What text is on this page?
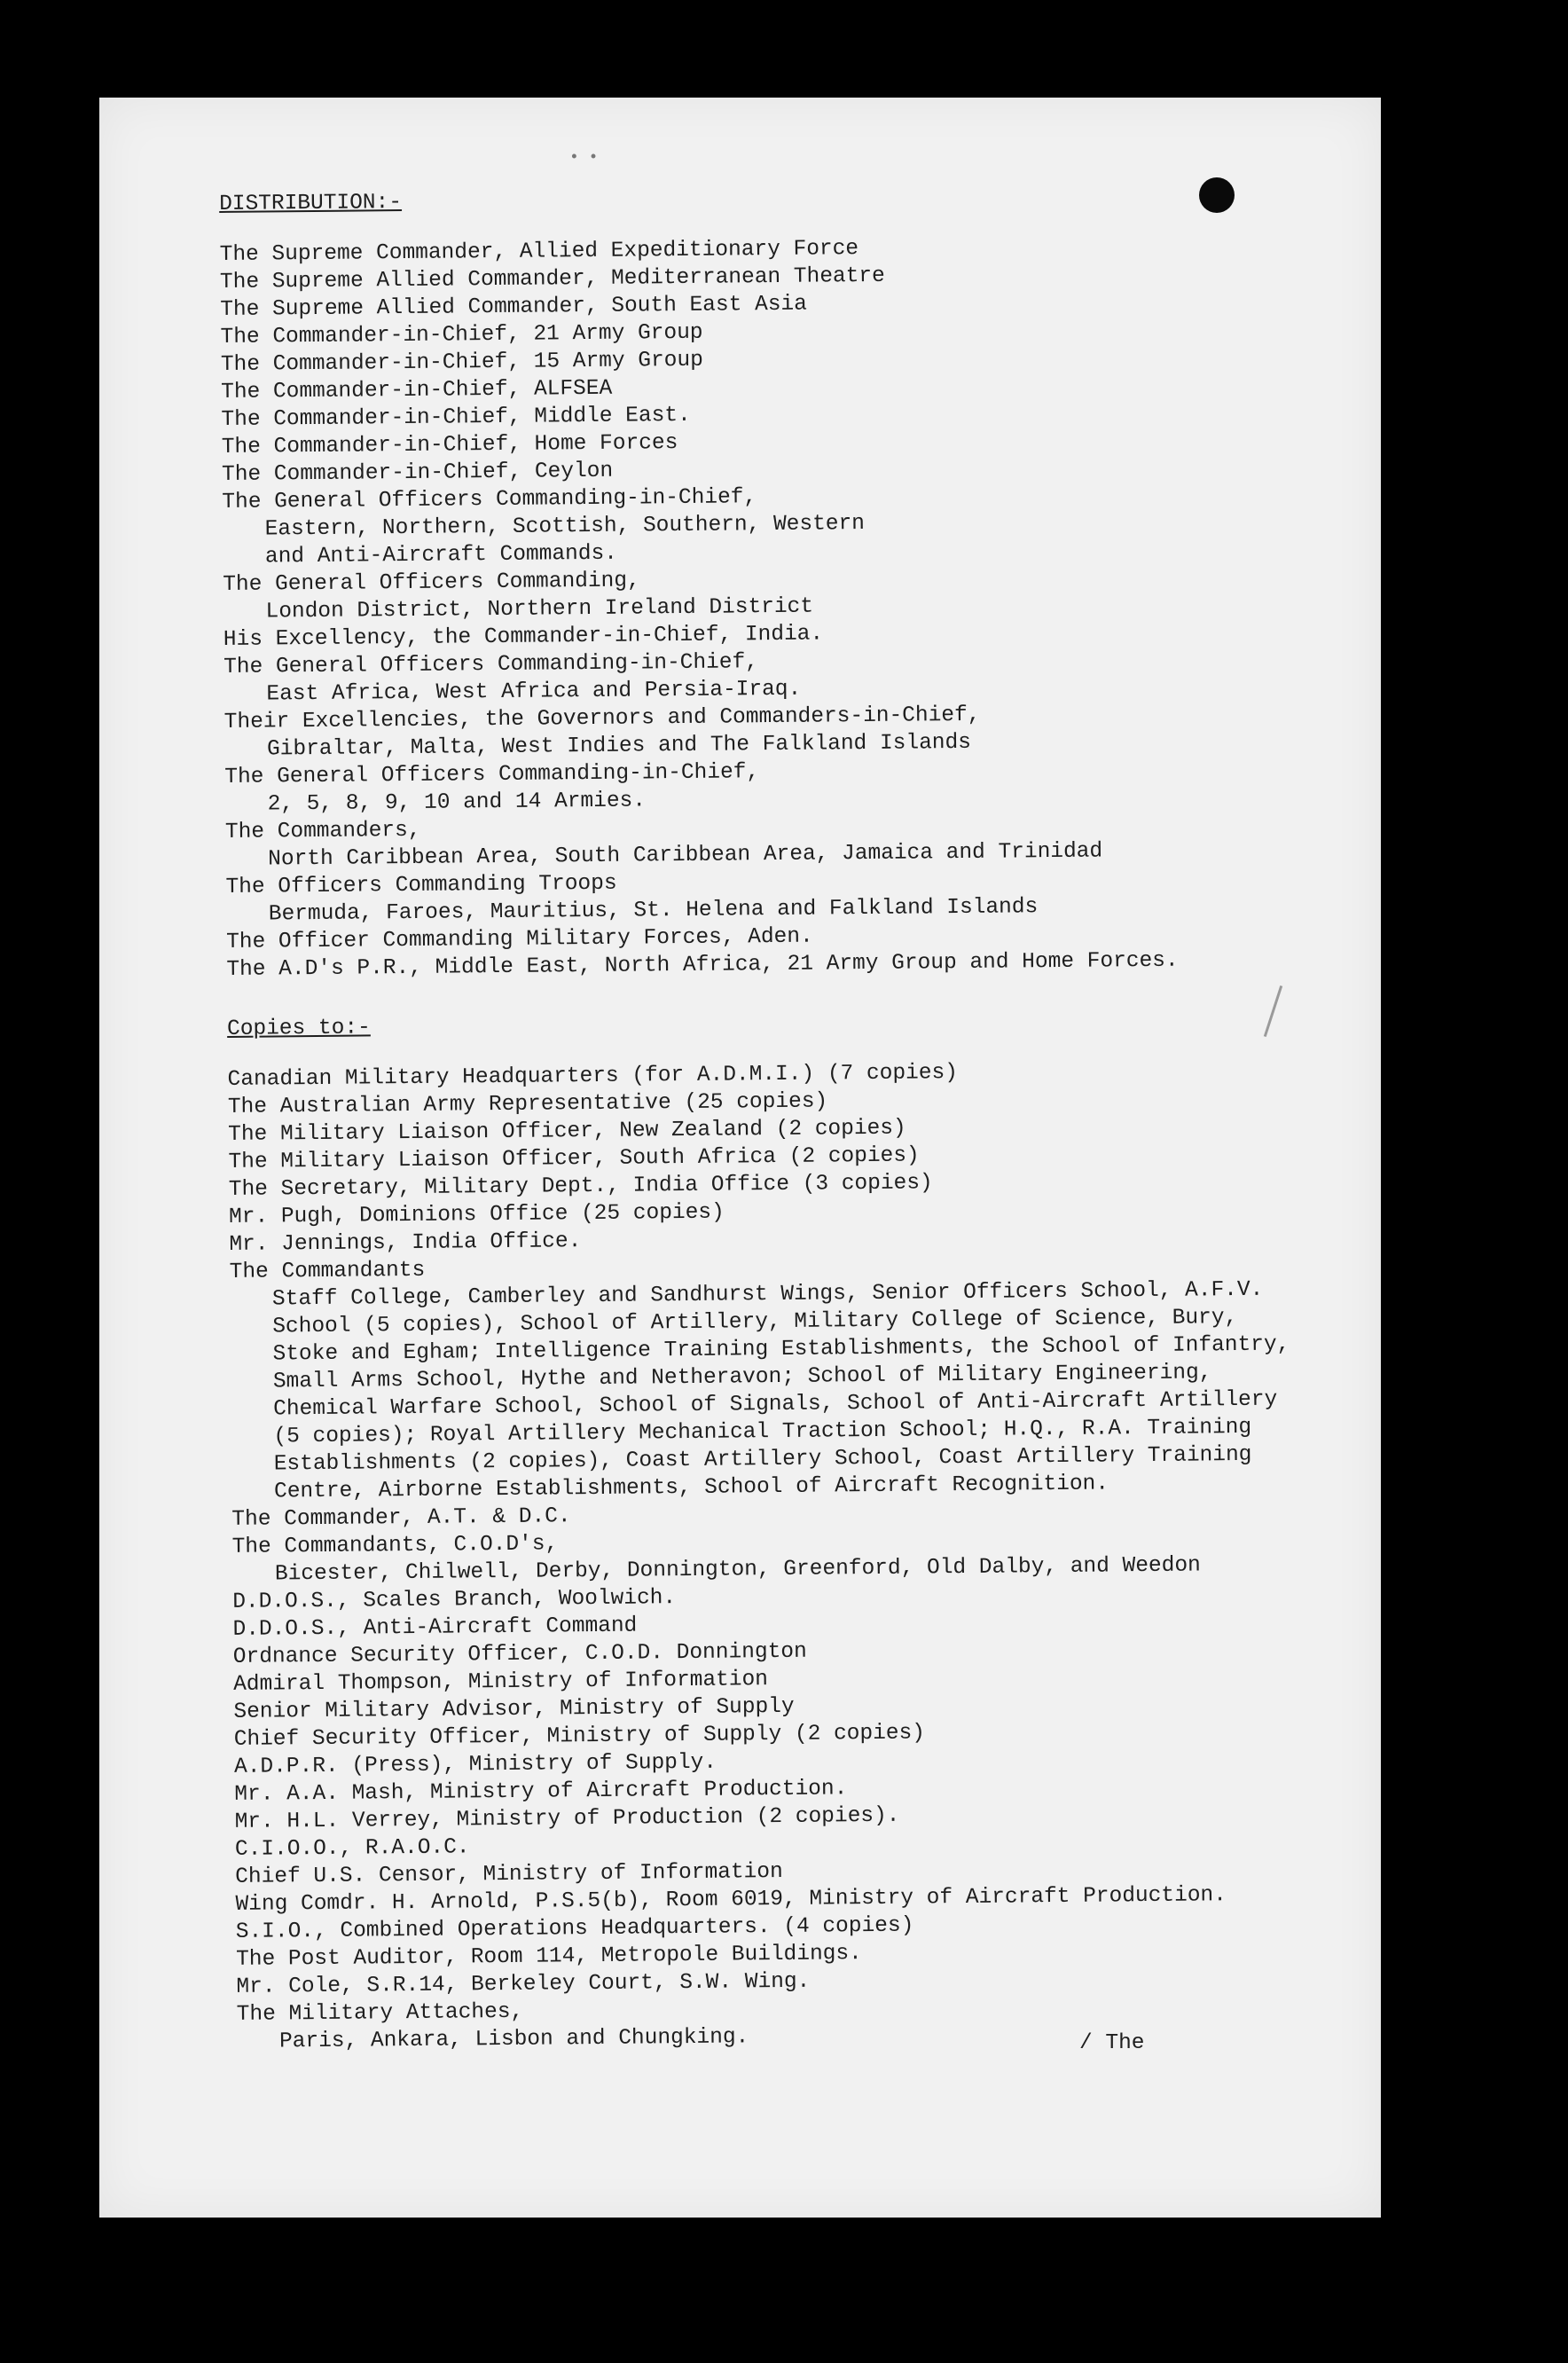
• •
DISTRIBUTION:-
The Supreme Commander, Allied Expeditionary Force
The Supreme Allied Commander, Mediterranean Theatre
The Supreme Allied Commander, South East Asia
The Commander-in-Chief, 21 Army Group
The Commander-in-Chief, 15 Army Group
The Commander-in-Chief, ALFSEA
The Commander-in-Chief, Middle East.
The Commander-in-Chief, Home Forces
The Commander-in-Chief, Ceylon
The General Officers Commanding-in-Chief,
Eastern, Northern, Scottish, Southern, Western
and Anti-Aircraft Commands.
The General Officers Commanding,
London District, Northern Ireland District
His Excellency, the Commander-in-Chief, India.
The General Officers Commanding-in-Chief,
East Africa, West Africa and Persia-Iraq.
Their Excellencies, the Governors and Commanders-in-Chief,
Gibraltar, Malta, West Indies and The Falkland Islands
The General Officers Commanding-in-Chief,
2, 5, 8, 9, 10 and 14 Armies.
The Commanders,
North Caribbean Area, South Caribbean Area, Jamaica and Trinidad
The Officers Commanding Troops
Bermuda, Faroes, Mauritius, St. Helena and Falkland Islands
The Officer Commanding Military Forces, Aden.
The A.D's P.R., Middle East, North Africa, 21 Army Group and Home Forces.
Copies to:-
Canadian Military Headquarters (for A.D.M.I.) (7 copies)
The Australian Army Representative (25 copies)
The Military Liaison Officer, New Zealand (2 copies)
The Military Liaison Officer, South Africa (2 copies)
The Secretary, Military Dept., India Office (3 copies)
Mr. Pugh, Dominions Office (25 copies)
Mr. Jennings, India Office.
The Commandants
Staff College, Camberley and Sandhurst Wings, Senior Officers School, A.F.V.
School (5 copies), School of Artillery, Military College of Science, Bury,
Stoke and Egham; Intelligence Training Establishments, the School of Infantry,
Small Arms School, Hythe and Netheravon; School of Military Engineering,
Chemical Warfare School, School of Signals, School of Anti-Aircraft Artillery
(5 copies); Royal Artillery Mechanical Traction School; H.Q., R.A. Training
Establishments (2 copies), Coast Artillery School, Coast Artillery Training
Centre, Airborne Establishments, School of Aircraft Recognition.
The Commander, A.T. & D.C.
The Commandants, C.O.D's,
Bicester, Chilwell, Derby, Donnington, Greenford, Old Dalby, and Weedon
D.D.O.S., Scales Branch, Woolwich.
D.D.O.S., Anti-Aircraft Command
Ordnance Security Officer, C.O.D. Donnington
Admiral Thompson, Ministry of Information
Senior Military Advisor, Ministry of Supply
Chief Security Officer, Ministry of Supply (2 copies)
A.D.P.R. (Press), Ministry of Supply.
Mr. A.A. Mash, Ministry of Aircraft Production.
Mr. H.L. Verrey, Ministry of Production (2 copies).
C.I.O.O., R.A.O.C.
Chief U.S. Censor, Ministry of Information
Wing Comdr. H. Arnold, P.S.5(b), Room 6019, Ministry of Aircraft Production.
S.I.O., Combined Operations Headquarters. (4 copies)
The Post Auditor, Room 114, Metropole Buildings.
Mr. Cole, S.R.14, Berkeley Court, S.W. Wing.
The Military Attaches,
Paris, Ankara, Lisbon and Chungking.	/ The
